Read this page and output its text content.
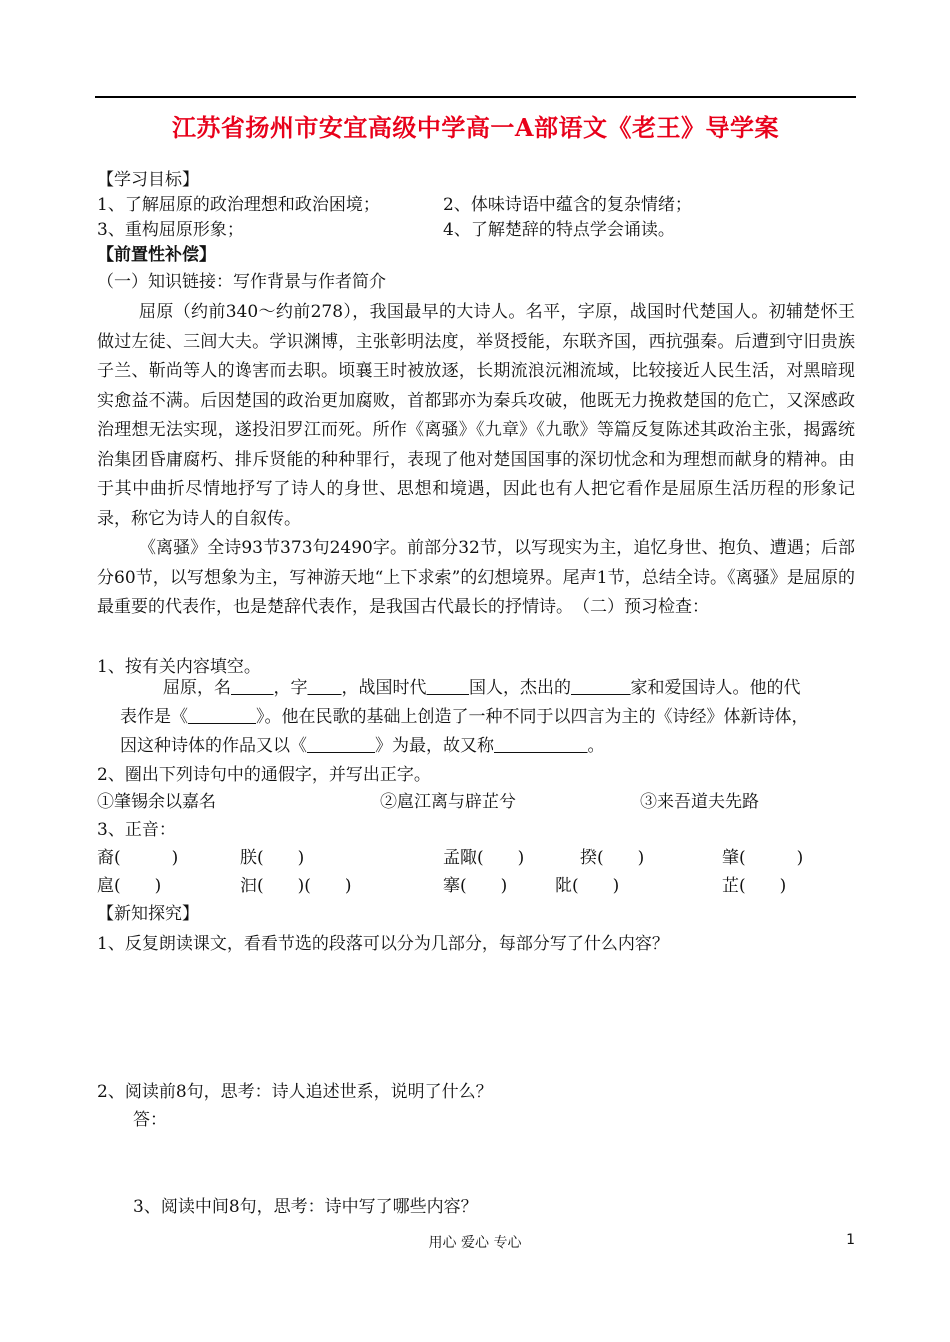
江苏省扬州市安宜高级中学高一A部语文《老王》导学案
【学习目标】
1、了解屈原的政治理想和政治困境；	2、体味诗语中蕴含的复杂情绪；
3、重构屈原形象；	4、了解楚辞的特点学会诵读。
【前置性补偿】
（一）知识链接：写作背景与作者简介

屈原（约前340～约前278），我国最早的大诗人。名平，字原，战国时代楚国人。初辅楚怀王做过左徒、三闾大夫。学识渊博，主张彰明法度，举贤授能，东联齐国，西抗强秦。后遭到守旧贵族子兰、靳尚等人的谗害而去职。顷襄王时被放逐，长期流浪沅湘流域，比较接近人民生活，对黑暗现实愈益不满。后因楚国的政治更加腐败，首都郢亦为秦兵攻破，他既无力挽救楚国的危亡，又深感政治理想无法实现，遂投汨罗江而死。所作《离骚》《九章》《九歌》等篇反复陈述其政治主张，揭露统治集团昏庸腐朽、排斥贤能的种种罪行，表现了他对楚国国事的深切忧念和为理想而献身的精神。由于其中曲折尽情地抒写了诗人的身世、思想和境遇，因此也有人把它看作是屈原生活历程的形象记录，称它为诗人的自叙传。

《离骚》全诗93节373句2490字。前部分32节，以写现实为主，追忆身世、抱负、遭遇；后部分60节，以写想象为主，写神游天地“上下求索”的幻想境界。尾声1节，总结全诗。《离骚》是屈原的最重要的代表作，也是楚辞代表作，是我国古代最长的抒情诗。　（二）预习检查：

1、按有关内容填空。
屈原，名     	，字     ，战国时代     	国人，杰出的       	家和爱国诗人。他的代
表作是《        	》。他在民歌的基础上创造了一种不同于以四言为主的《诗经》体新诗体，
因这种诗体的作品又以《        	》为最，故又称           	。
2、圈出下列诗句中的通假字，并写出正字。
①肇锡余以嘉名	②扈江离与辟芷兮	③来吾道夫先路
3、正音：
裔(　　　)	朕(　　)	孟陬(　　)	揆(　　)	肇(　　　)
扈(　　)	汩(　　)(　　)	搴(　　)	阰(　　)	芷(　　)
【新知探究】
1、反复朗读课文，看看节选的段落可以分为几部分，每部分写了什么内容？
2、阅读前8句，思考：诗人追述世系，说明了什么？
答：
3、阅读中间8句，思考：诗中写了哪些内容？
用心 爱心 专心	1
